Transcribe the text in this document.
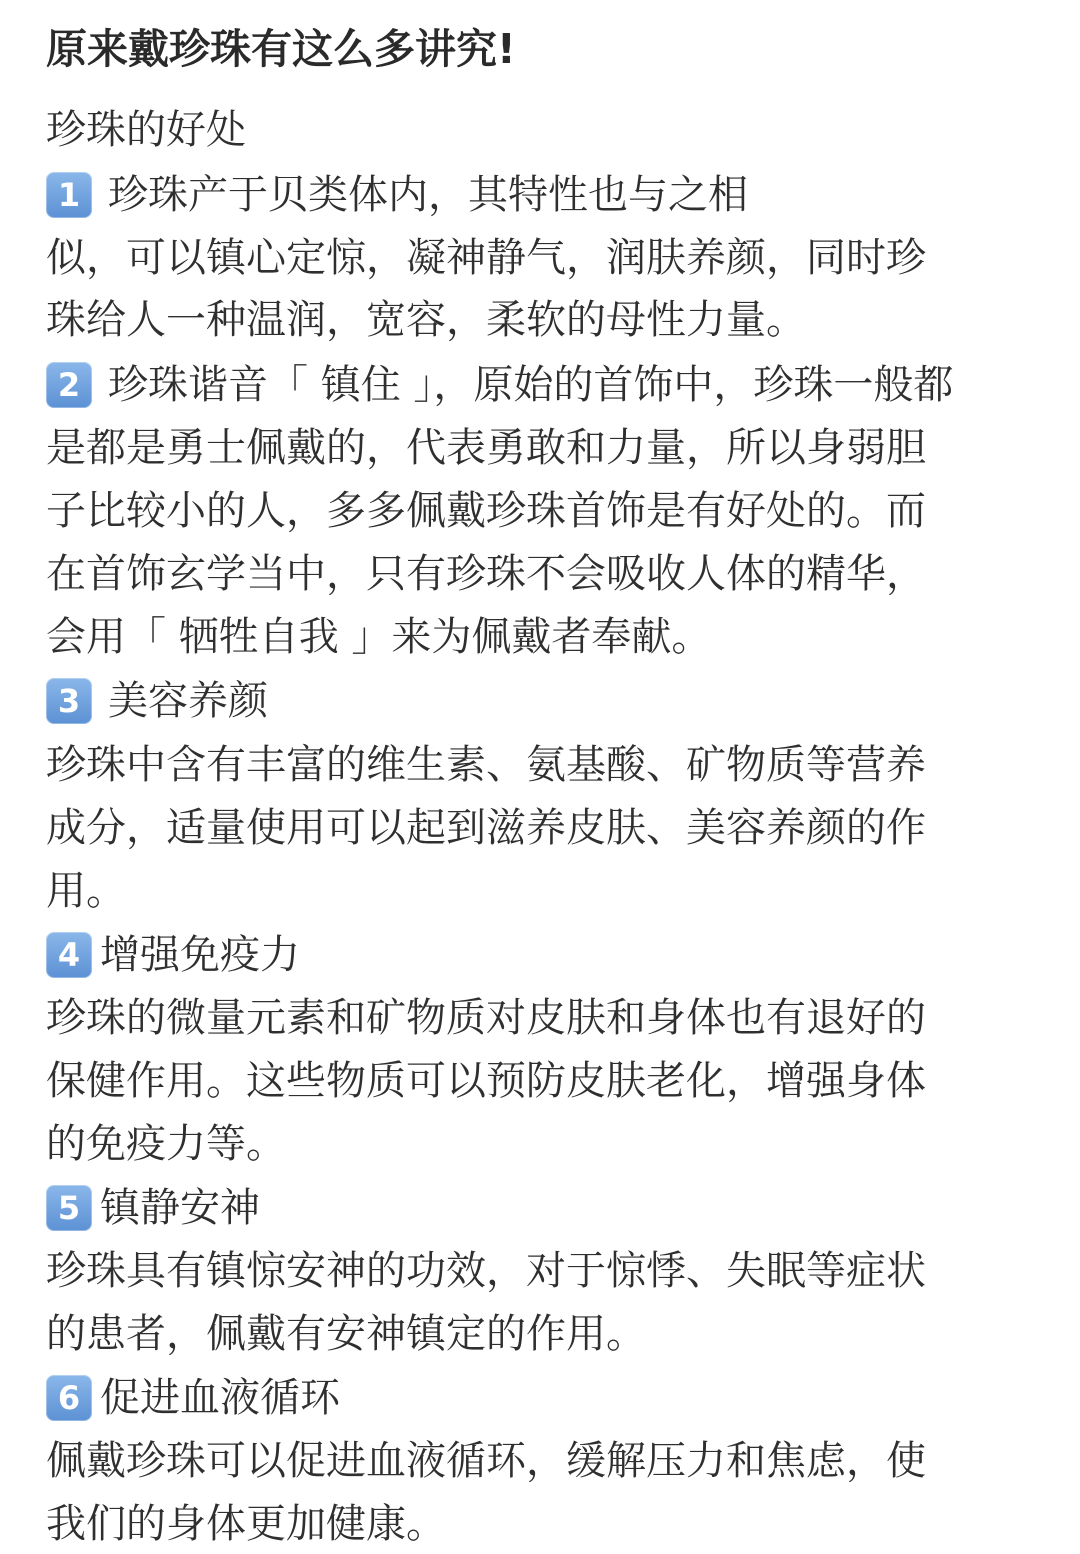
原来戴珍珠有这么多讲究!
珍珠的好处
1 珍珠产于贝类体内，其特性也与之相
似，可以镇心定惊，凝神静气，润肤养颜，同时珍
珠给人一种温润，宽容，柔软的母性力量。
2 珍珠谐音「 镇住 」，原始的首饰中，珍珠一般都
是都是勇士佩戴的，代表勇敢和力量，所以身弱胆
子比较小的人，多多佩戴珍珠首饰是有好处的。而
在首饰玄学当中，只有珍珠不会吸收人体的精华，
会用「 牺牲自我 」来为佩戴者奉献。
3 美容养颜
珍珠中含有丰富的维生素、氨基酸、矿物质等营养
成分，适量使用可以起到滋养皮肤、美容养颜的作
用。
4 增强免疫力
珍珠的微量元素和矿物质对皮肤和身体也有退好的
保健作用。这些物质可以预防皮肤老化，增强身体
的免疫力等。
5 镇静安神
珍珠具有镇惊安神的功效，对于惊悸、失眠等症状
的患者，佩戴有安神镇定的作用。
6 促进血液循环
佩戴珍珠可以促进血液循环，缓解压力和焦虑，使
我们的身体更加健康。
